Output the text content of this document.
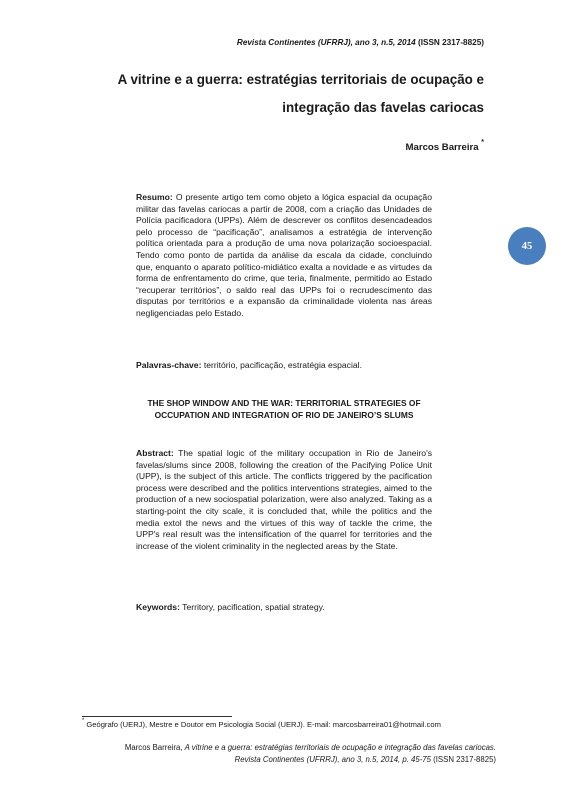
Revista Continentes (UFRRJ), ano 3, n.5, 2014 (ISSN 2317-8825)
A vitrine e a guerra: estratégias territoriais de ocupação e
integração das favelas cariocas
Marcos Barreira *
45
Resumo: O presente artigo tem como objeto a lógica espacial da ocupação militar das favelas cariocas a partir de 2008, com a criação das Unidades de Polícia pacificadora (UPPs). Além de descrever os conflitos desencadeados pelo processo de “pacificação”, analisamos a estratégia de intervenção política orientada para a produção de uma nova polarização socioespacial. Tendo como ponto de partida da análise da escala da cidade, concluindo que, enquanto o aparato político-midiático exalta a novidade e as virtudes da forma de enfrentamento do crime, que teria, finalmente, permitido ao Estado “recuperar territórios”, o saldo real das UPPs foi o recrudescimento das disputas por territórios e a expansão da criminalidade violenta nas áreas negligenciadas pelo Estado.
Palavras-chave: território, pacificação, estratégia espacial.
THE SHOP WINDOW AND THE WAR: TERRITORIAL STRATEGIES OF
OCCUPATION AND INTEGRATION OF RIO DE JANEIRO’S SLUMS
Abstract: The spatial logic of the military occupation in Rio de Janeiro's favelas/slums since 2008, following the creation of the Pacifying Police Unit (UPP), is the subject of this article. The conflicts triggered by the pacification process were described and the politics interventions strategies, aimed to the production of a new sociospatial polarization, were also analyzed. Taking as a starting-point the city scale, it is concluded that, while the politics and the media extol the news and the virtues of this way of tackle the crime, the UPP's real result was the intensification of the quarrel for territories and the increase of the violent criminality in the neglected areas by the State.
Keywords: Territory, pacification, spatial strategy.
* Geógrafo (UERJ), Mestre e Doutor em Psicologia Social (UERJ). E-mail: marcosbarreira01@hotmail.com
Marcos Barreira, A vitrine e a guerra: estratégias territoriais de ocupação e integração das favelas cariocas.
Revista Continentes (UFRRJ), ano 3, n.5, 2014, p. 45-75 (ISSN 2317-8825)
